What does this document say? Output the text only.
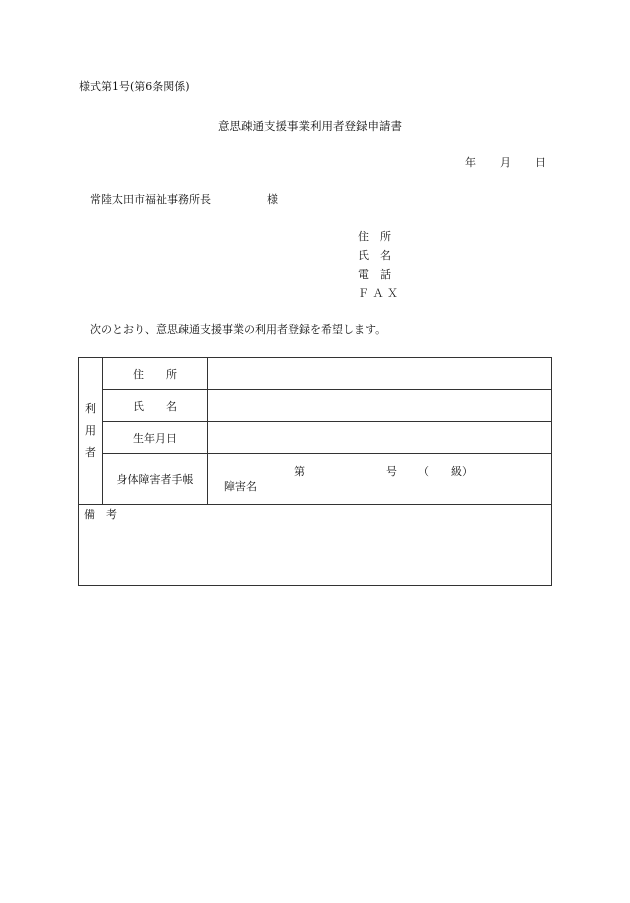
様式第1号(第6条関係)
意思疎通支援事業利用者登録申請書
年 月 日
常陸太田市福祉事務所長	様
住　所
氏　名
電　話
Ｆ Ａ Ｘ
次のとおり、意思疎通支援事業の利用者登録を希望します。
利
用
者	住　　所	
	氏　　名	
	生年月日	
	身体障害者手帳	第 号 （ 級）
障害名

備　考		
